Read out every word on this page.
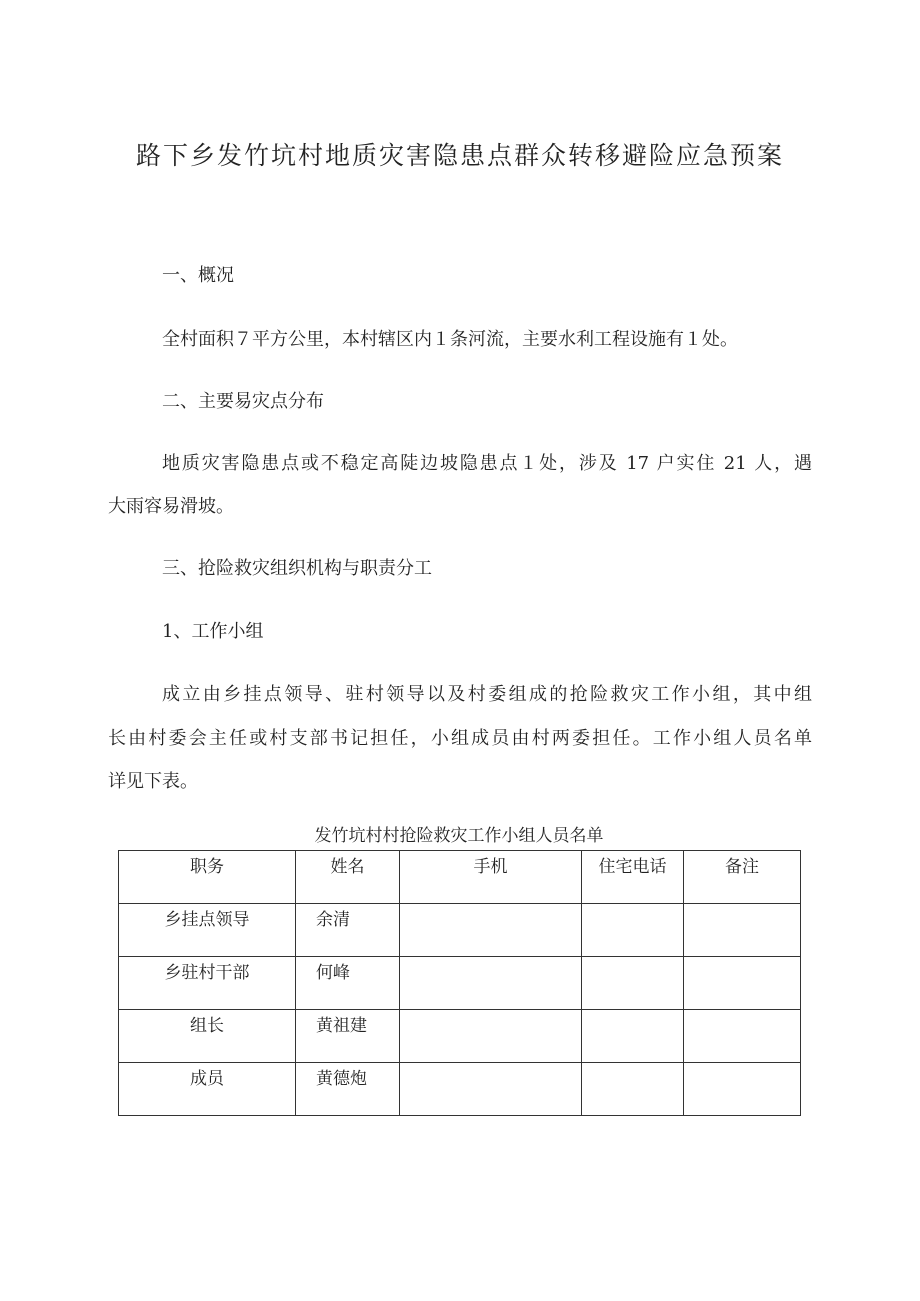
路下乡发竹坑村地质灾害隐患点群众转移避险应急预案
一、概况
全村面积７平方公里，本村辖区内１条河流，主要水利工程设施有１处。
二、主要易灾点分布
地质灾害隐患点或不稳定高陡边坡隐患点１处，涉及 17 户实住 21 人，遇
大雨容易滑坡。
三、抢险救灾组织机构与职责分工
1、工作小组
成立由乡挂点领导、驻村领导以及村委组成的抢险救灾工作小组，其中组
长由村委会主任或村支部书记担任，小组成员由村两委担任。工作小组人员名单
详见下表。
发竹坑村村抢险救灾工作小组人员名单
职务	姓名	手机	住宅电话	备注
乡挂点领导	余清			
乡驻村干部	何峰			
组长	黄祖建			
成员	黄德炮			
